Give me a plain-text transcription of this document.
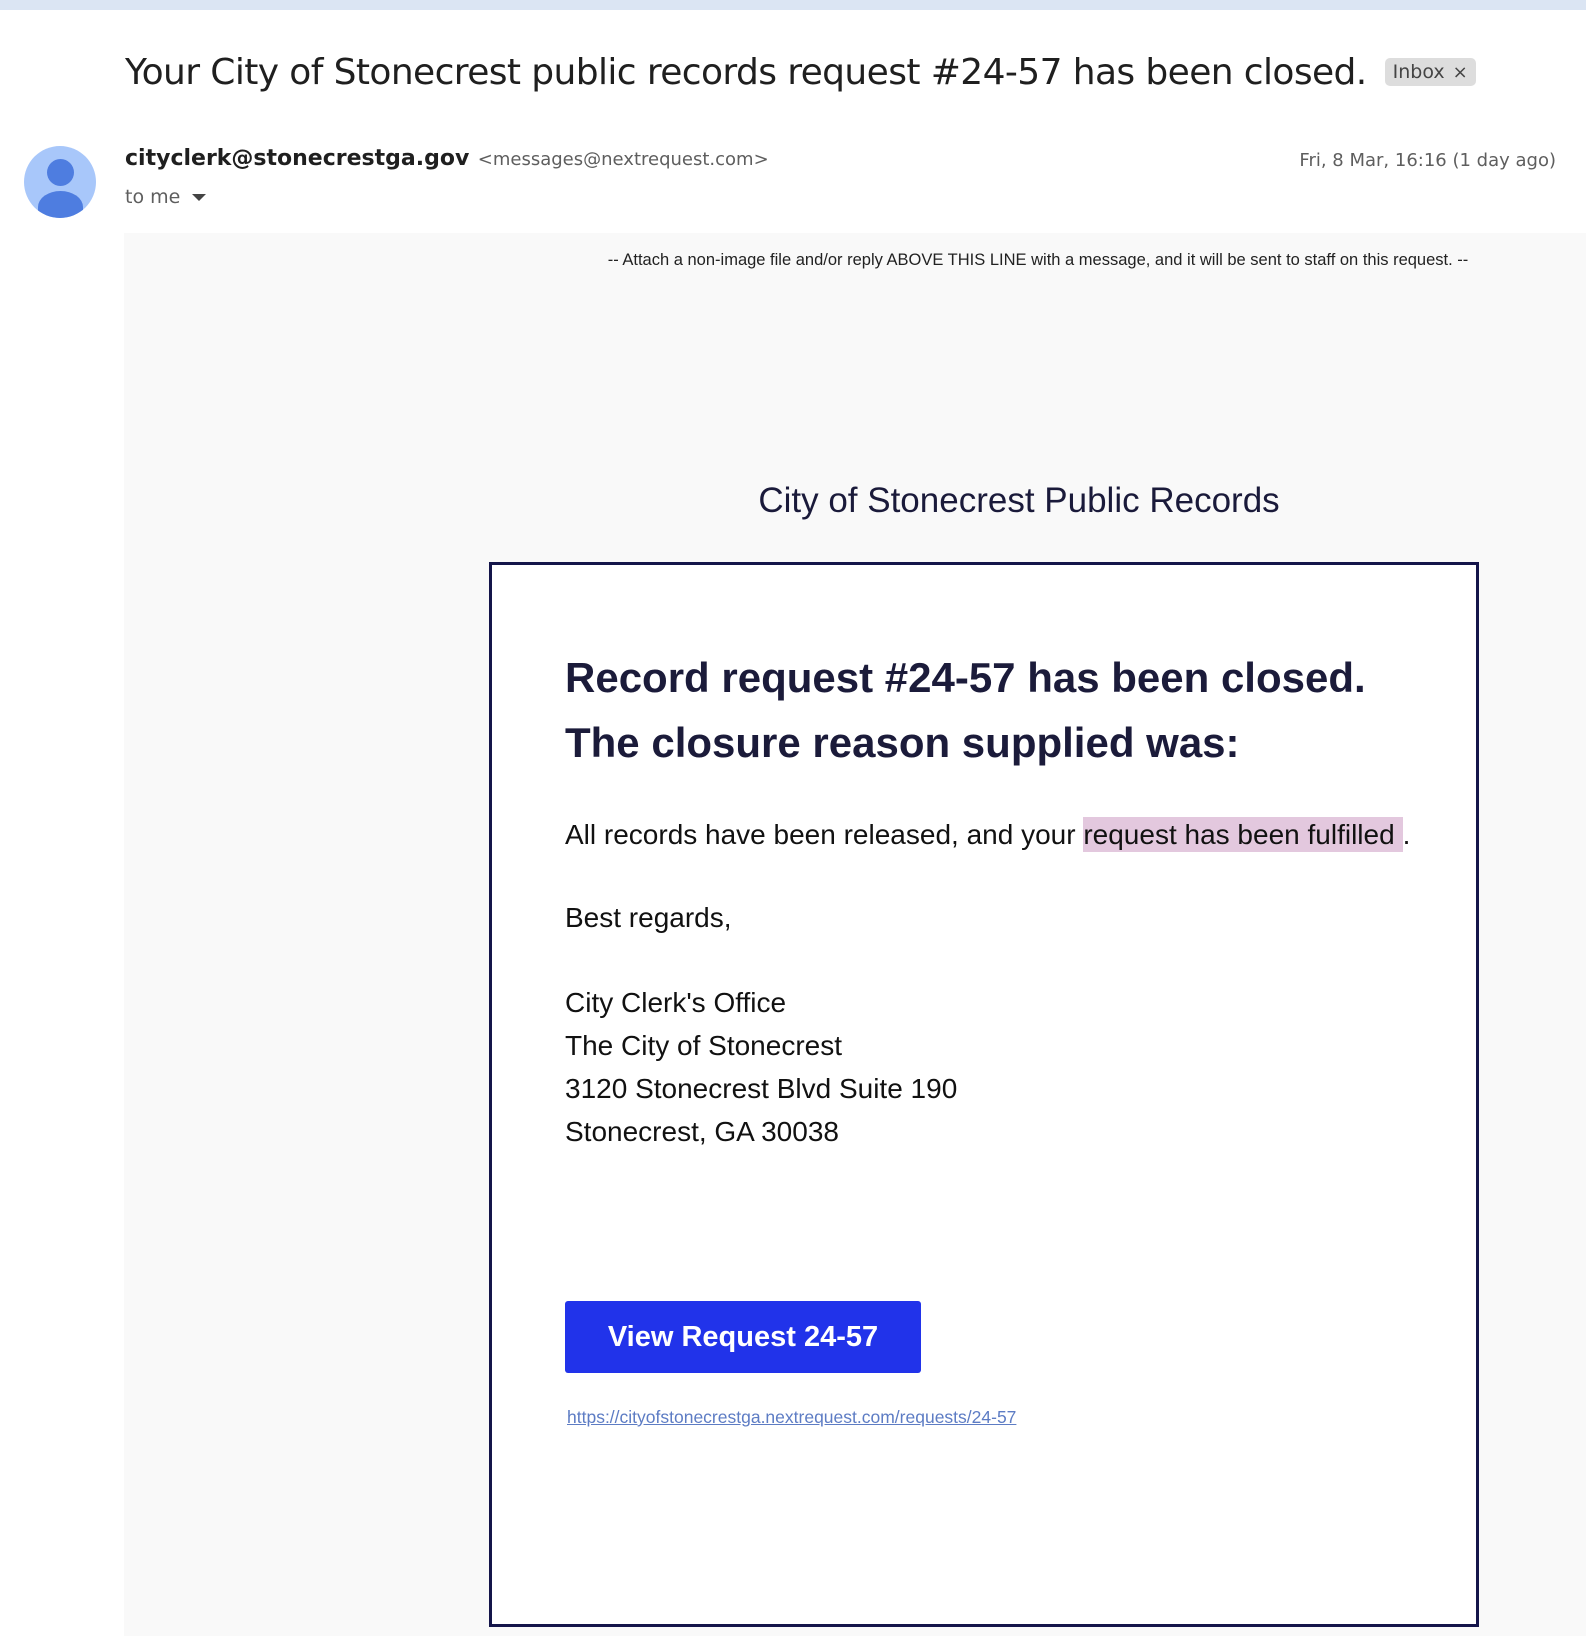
Your City of Stonecrest public records request #24-57 has been closed. Inbox ×
cityclerk@stonecrestga.gov <messages@nextrequest.com>
to me
Fri, 8 Mar, 16:16 (1 day ago)
-- Attach a non-image file and/or reply ABOVE THIS LINE with a message, and it will be sent to staff on this request. --
City of Stonecrest Public Records
Record request #24-57 has been closed. The closure reason supplied was:

All records have been released, and your request has been fulfilled .

Best regards,

City Clerk's Office
The City of Stonecrest
3120 Stonecrest Blvd Suite 190
Stonecrest, GA 30038
View Request 24-57
https://cityofstonecrestga.nextrequest.com/requests/24-57
